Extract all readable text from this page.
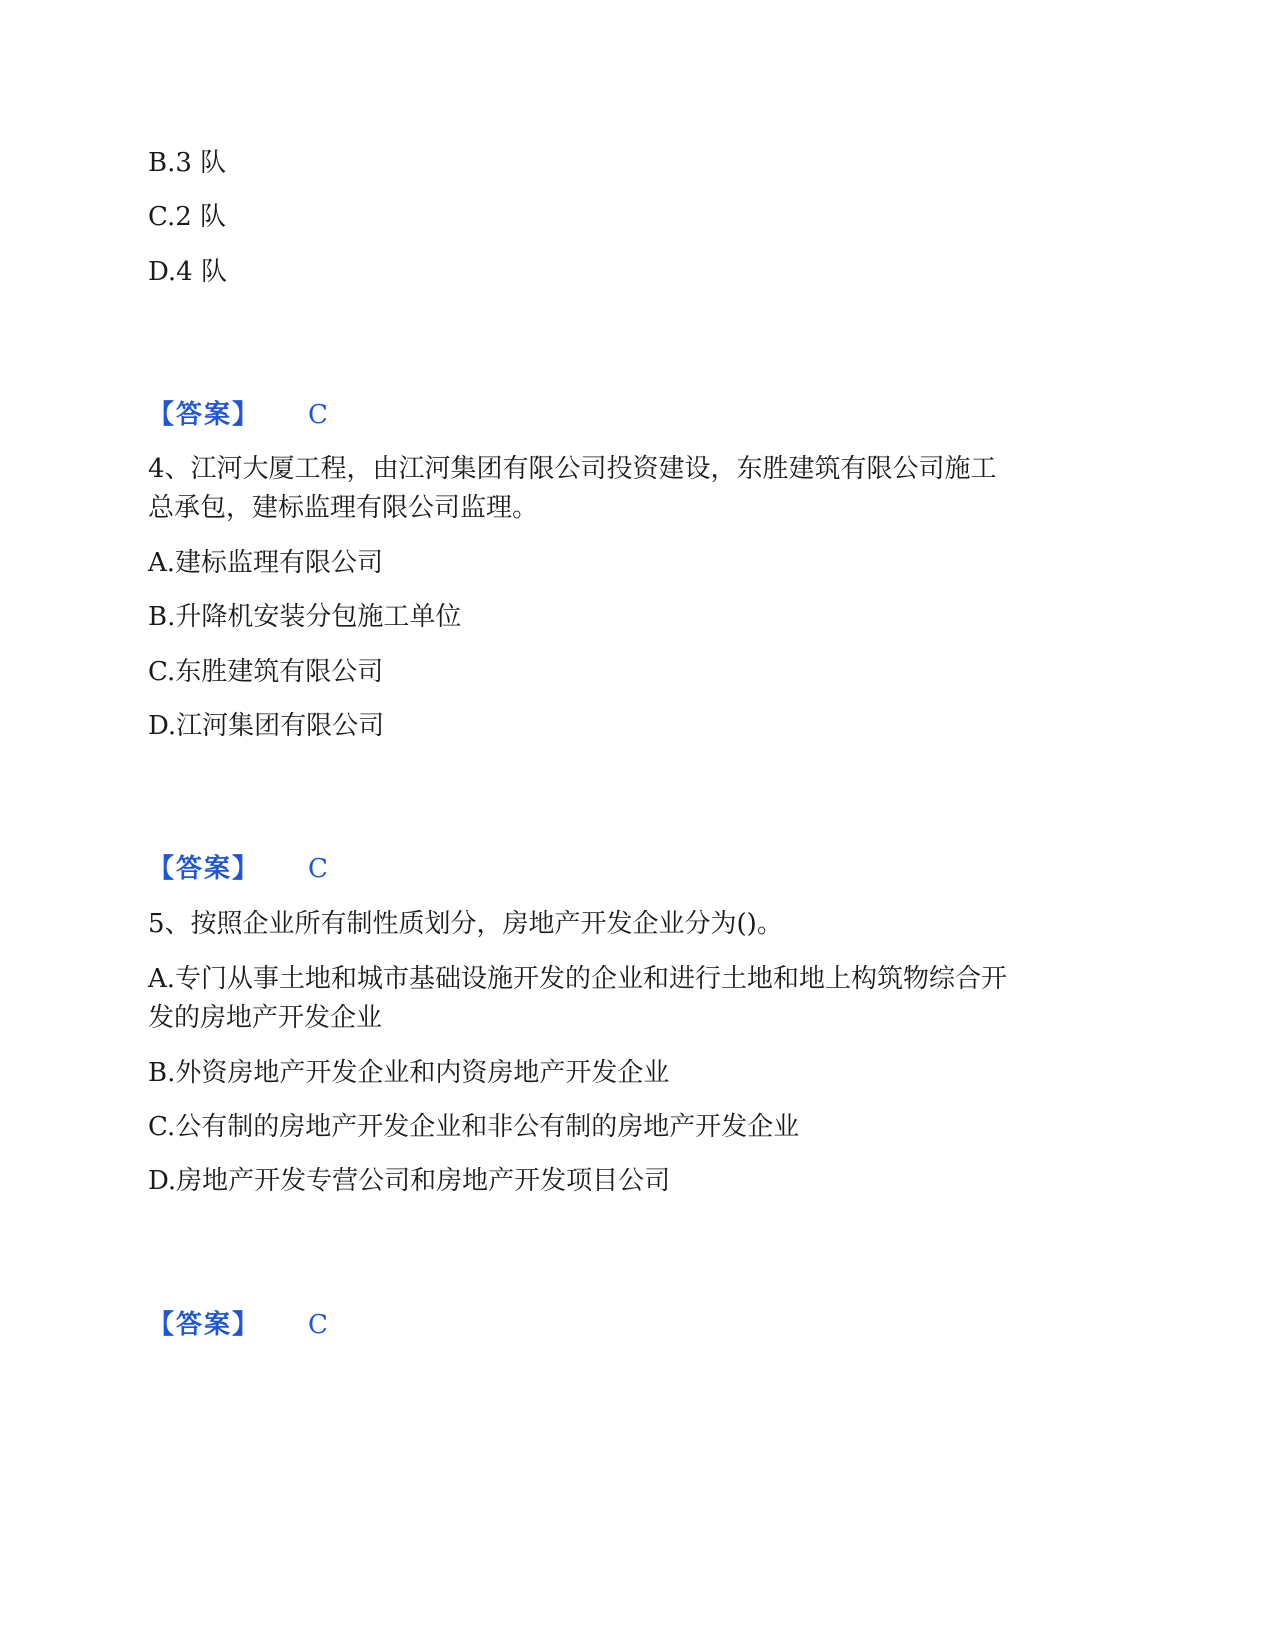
B.3 队

C.2 队

D.4 队

【答案】 C

4、江河大厦工程，由江河集团有限公司投资建设，东胜建筑有限公司施工

总承包，建标监理有限公司监理。

A.建标监理有限公司

B.升降机安装分包施工单位

C.东胜建筑有限公司

D.江河集团有限公司

【答案】 C

5、按照企业所有制性质划分，房地产开发企业分为()。

A.专门从事土地和城市基础设施开发的企业和进行土地和地上构筑物综合开

发的房地产开发企业

B.外资房地产开发企业和内资房地产开发企业

C.公有制的房地产开发企业和非公有制的房地产开发企业

D.房地产开发专营公司和房地产开发项目公司

【答案】 C
